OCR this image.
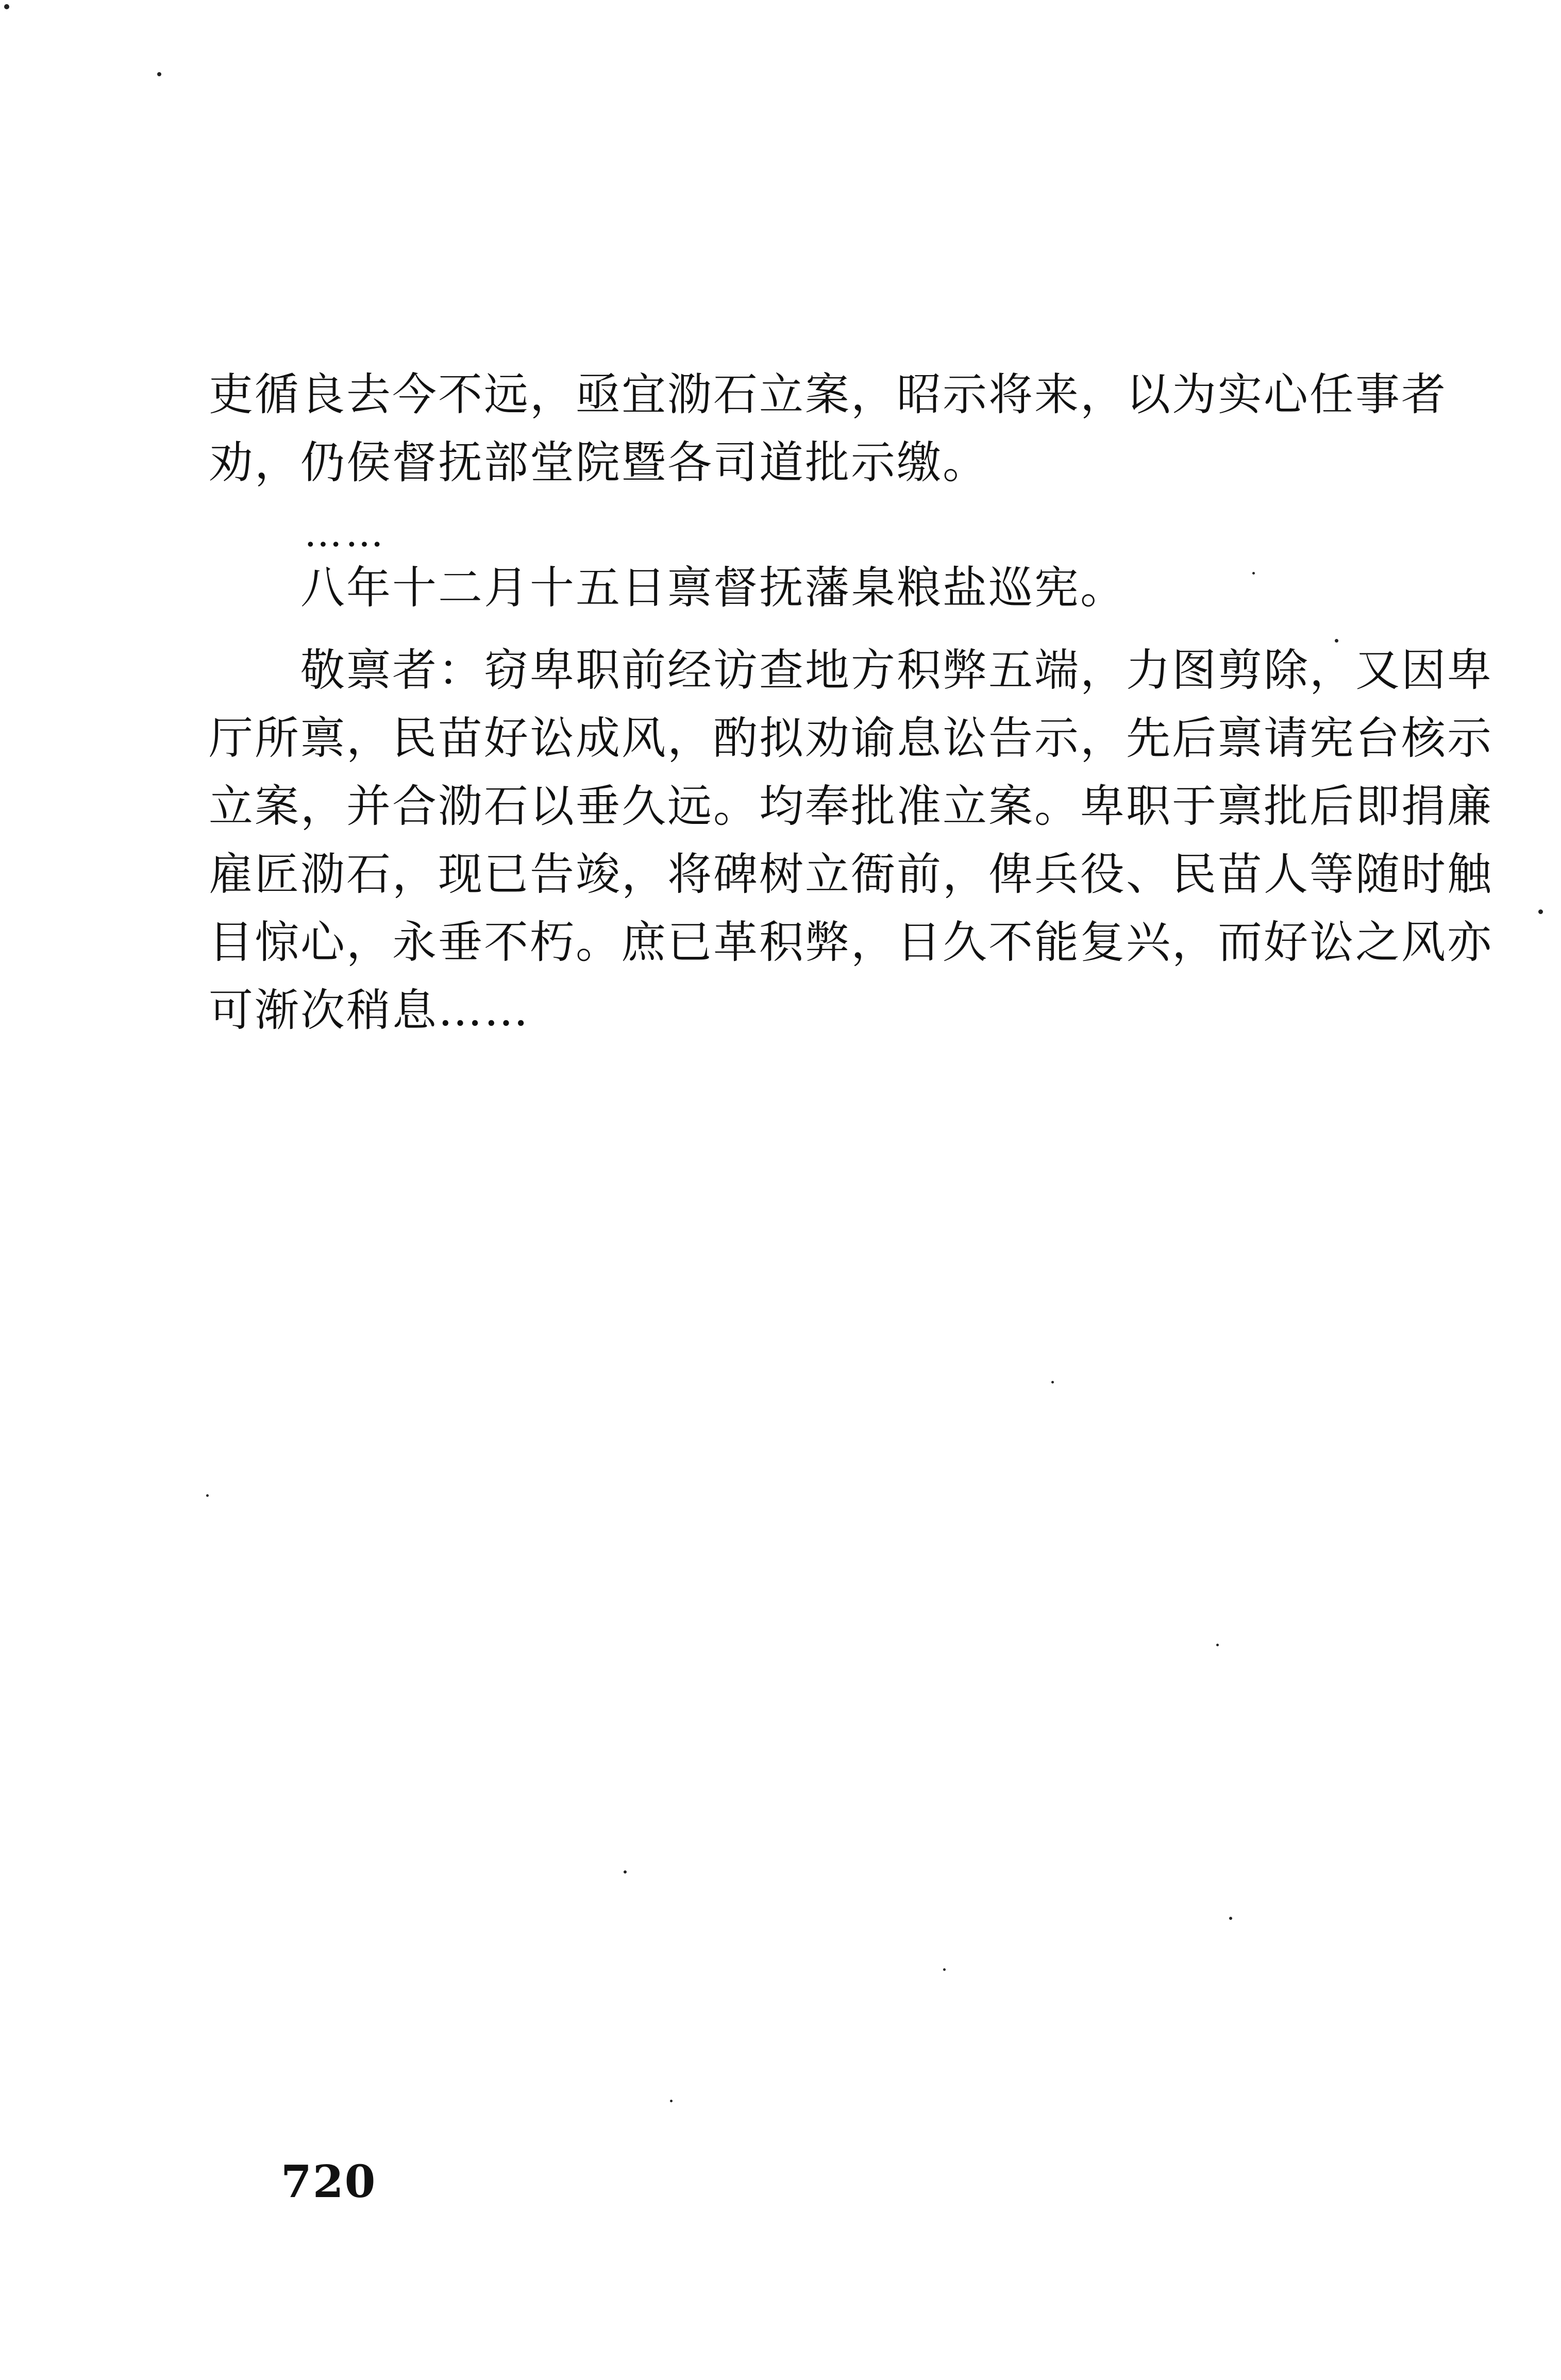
吏循良去今不远，亟宜泐石立案，昭示将来，以为实心任事者
劝，仍侯督抚部堂院暨各司道批示缴。
……
八年十二月十五日禀督抚藩臬粮盐巡宪。
敬禀者：窃卑职前经访查地方积弊五端，力图剪除，又因卑
厅所禀，民苗好讼成风，酌拟劝谕息讼告示，先后禀请宪台核示
立案，并合泐石以垂久远。均奉批准立案。卑职于禀批后即捐廉
雇匠泐石，现已告竣，将碑树立衙前，俾兵役、民苗人等随时触
目惊心，永垂不朽。庶已革积弊，日久不能复兴，而好讼之风亦
可渐次稍息……
720
